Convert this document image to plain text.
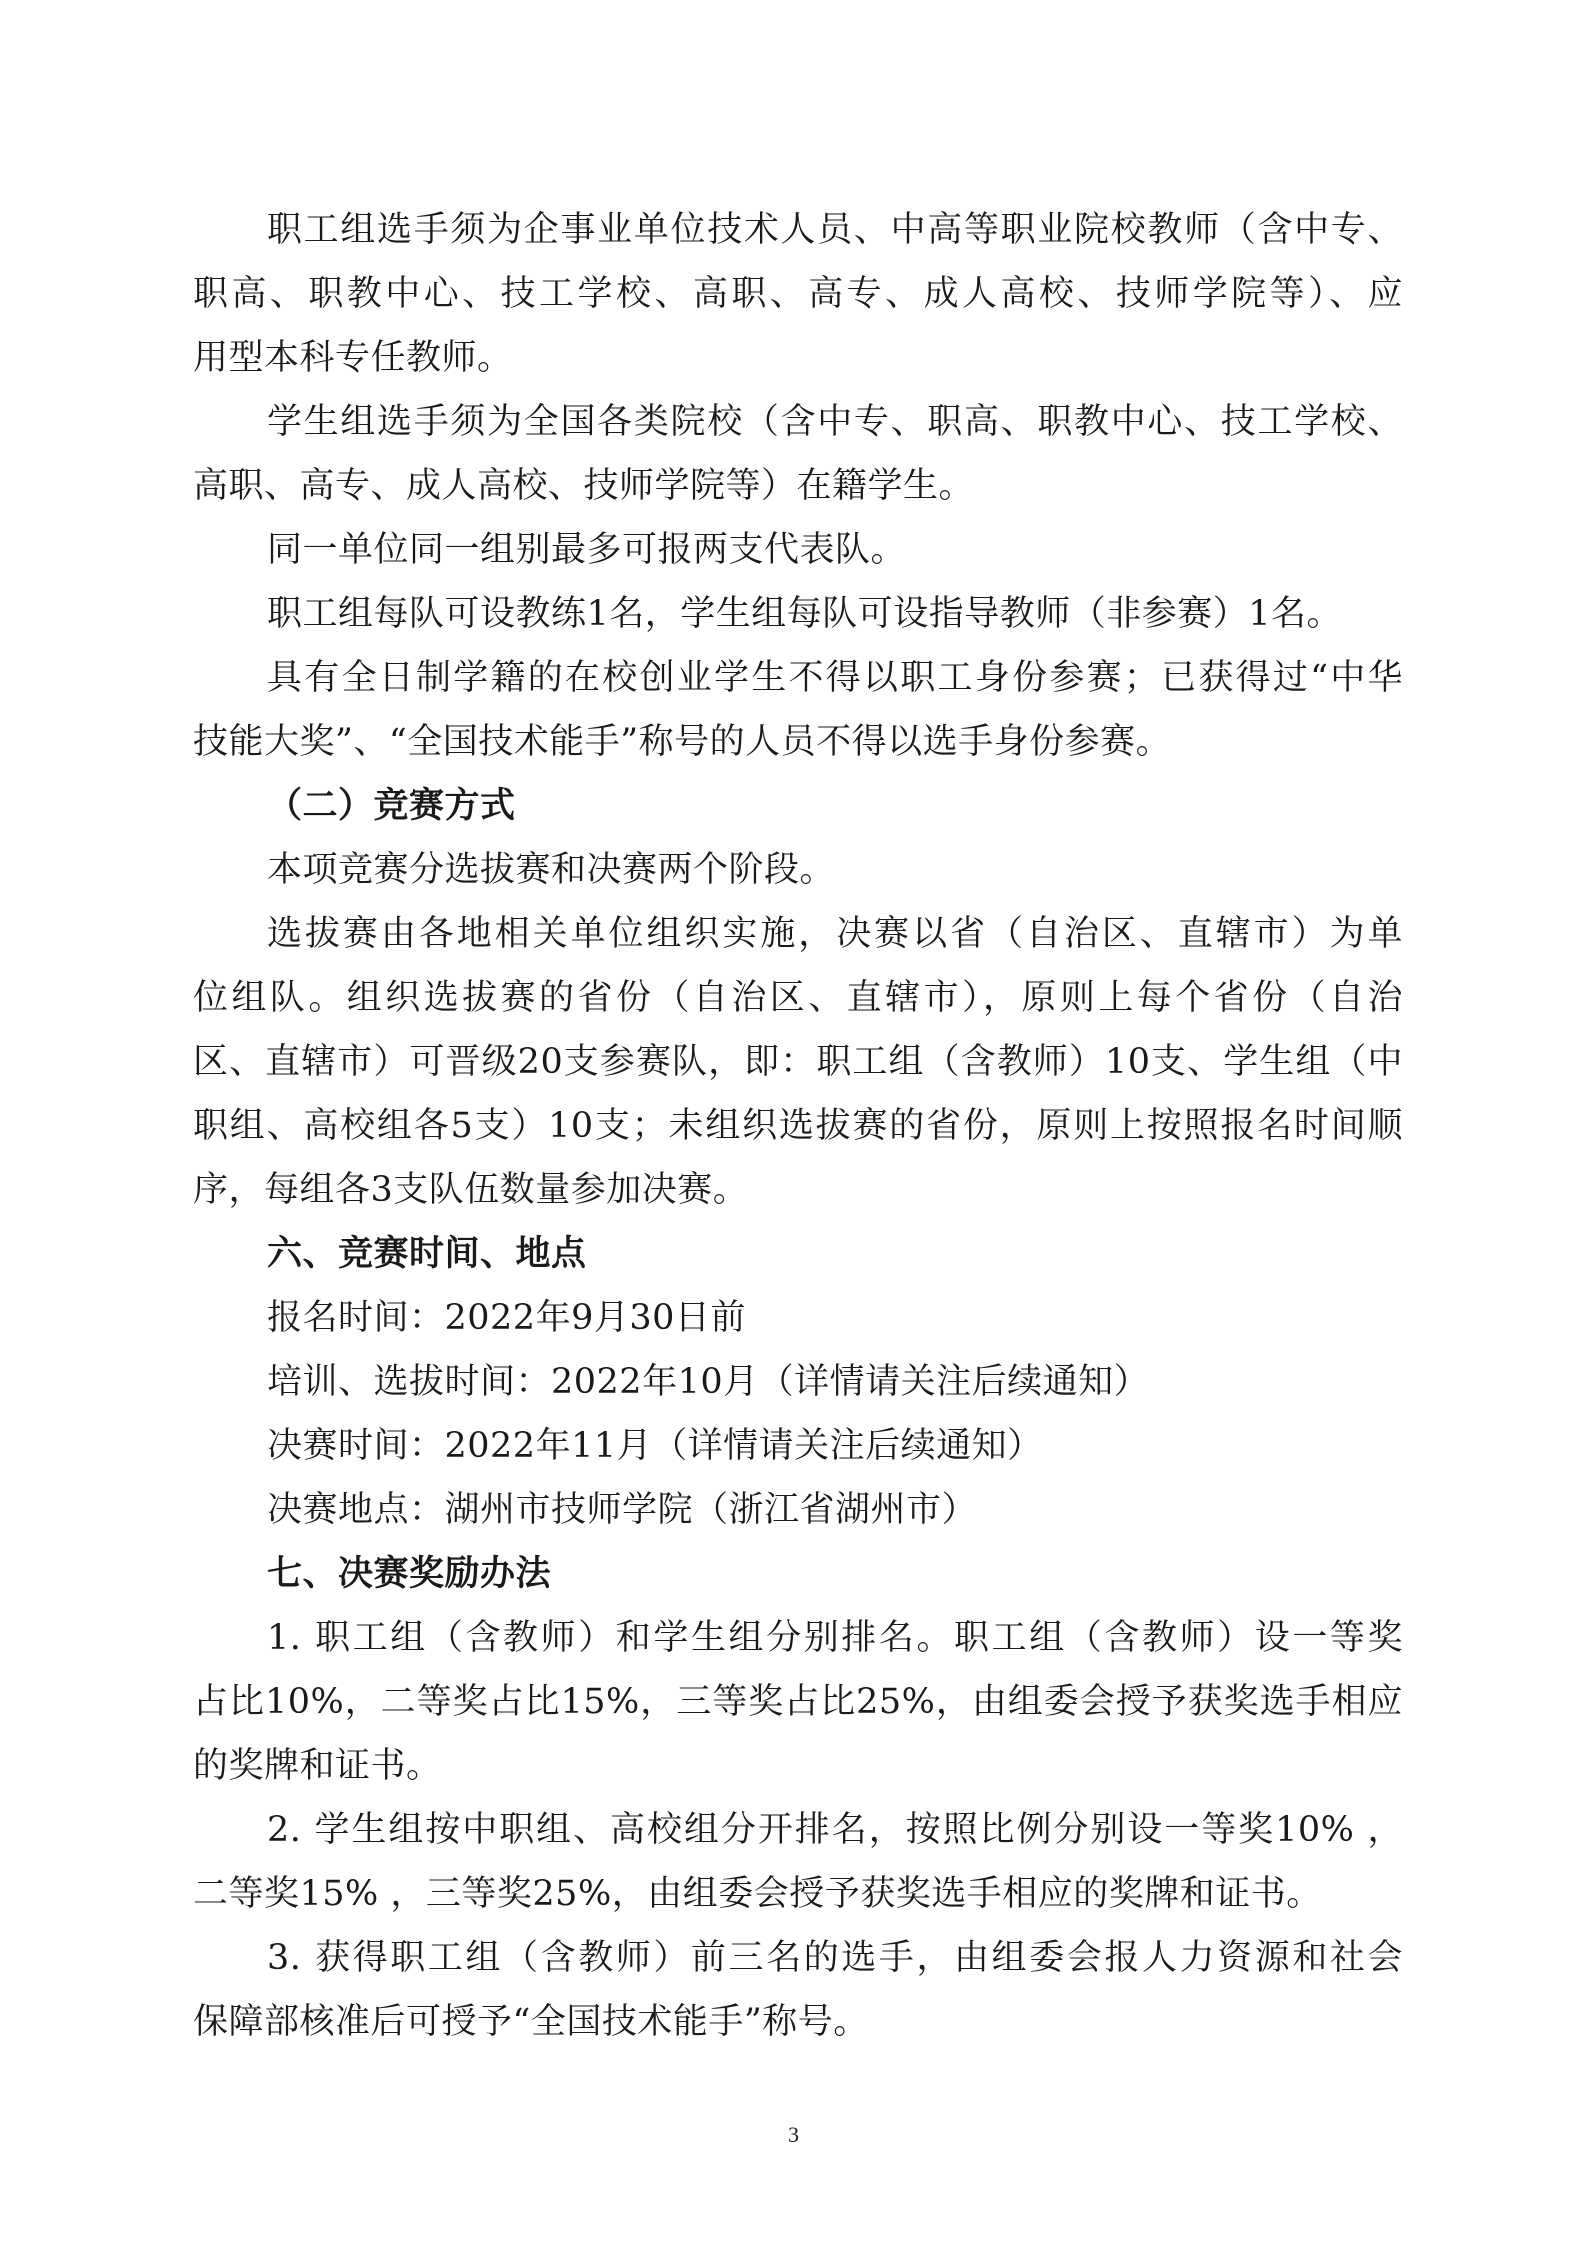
职工组选手须为企事业单位技术人员、中高等职业院校教师（含中专、
职高、职教中心、技工学校、高职、高专、成人高校、技师学院等）、应
用型本科专任教师。
学生组选手须为全国各类院校（含中专、职高、职教中心、技工学校、
高职、高专、成人高校、技师学院等）在籍学生。
同一单位同一组别最多可报两支代表队。
职工组每队可设教练1名，学生组每队可设指导教师（非参赛）1名。
具有全日制学籍的在校创业学生不得以职工身份参赛；已获得过“中华
技能大奖”、“全国技术能手”称号的人员不得以选手身份参赛。
（二）竞赛方式
本项竞赛分选拔赛和决赛两个阶段。
选拔赛由各地相关单位组织实施，决赛以省（自治区、直辖市）为单
位组队。组织选拔赛的省份（自治区、直辖市），原则上每个省份（自治
区、直辖市）可晋级20支参赛队，即：职工组（含教师）10支、学生组（中
职组、高校组各5支）10支；未组织选拔赛的省份，原则上按照报名时间顺
序，每组各3支队伍数量参加决赛。
六、竞赛时间、地点
报名时间：2022年9月30日前
培训、选拔时间：2022年10月（详情请关注后续通知）
决赛时间：2022年11月（详情请关注后续通知）
决赛地点：湖州市技师学院（浙江省湖州市）
七、决赛奖励办法
1. 职工组（含教师）和学生组分别排名。职工组（含教师）设一等奖
占比10%，二等奖占比15%，三等奖占比25%，由组委会授予获奖选手相应
的奖牌和证书。
2. 学生组按中职组、高校组分开排名，按照比例分别设一等奖10% ，
二等奖15% ，三等奖25%，由组委会授予获奖选手相应的奖牌和证书。
3. 获得职工组（含教师）前三名的选手，由组委会报人力资源和社会
保障部核准后可授予“全国技术能手”称号。
3
